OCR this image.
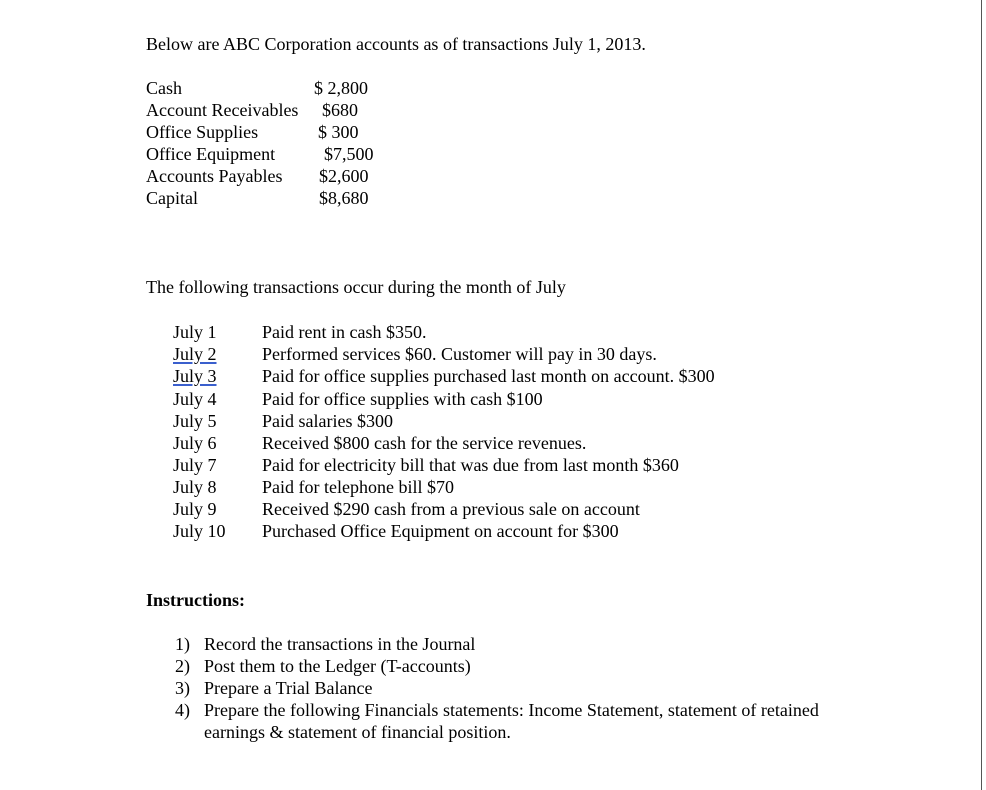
Below are ABC Corporation accounts as of transactions July 1, 2013.
Cash	$ 2,800
Account Receivables $680
Office Supplies	$ 300
Office Equipment	$7,500
Accounts Payables $2,600
Capital	$8,680
The following transactions occur during the month of July
July 1	Paid rent in cash $350.
July 2	Performed services $60. Customer will pay in 30 days.
July 3	Paid for office supplies purchased last month on account. $300
July 4	Paid for office supplies with cash $100
July 5	Paid salaries $300
July 6	Received $800 cash for the service revenues.
July 7	Paid for electricity bill that was due from last month $360
July 8	Paid for telephone bill $70
July 9	Received $290 cash from a previous sale on account
July 10 Purchased Office Equipment on account for $300
Instructions:
1) Record the transactions in the Journal
2) Post them to the Ledger (T-accounts)
3) Prepare a Trial Balance
4) Prepare the following Financials statements: Income Statement, statement of retained earnings & statement of financial position.
